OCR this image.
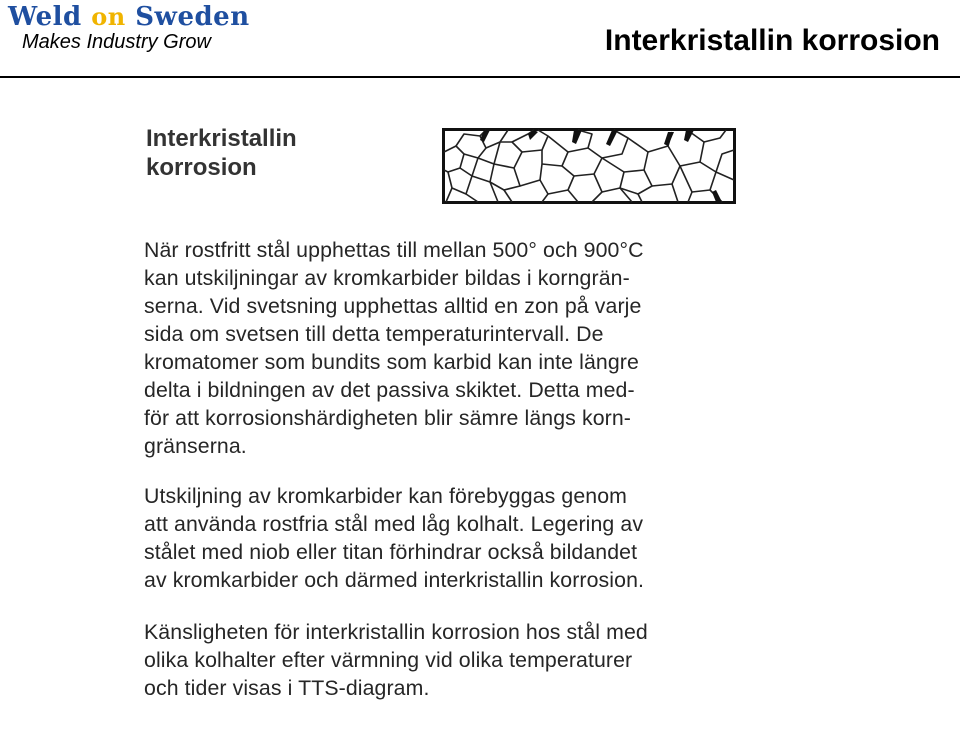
Weld on Sweden
Makes Industry Grow	Interkristallin korrosion
Interkristallin
korrosion
När rostfritt stål upphettas till mellan 500° och 900°C
kan utskiljningar av kromkarbider bildas i korngrän-
serna. Vid svetsning upphettas alltid en zon på varje
sida om svetsen till detta temperaturintervall. De
kromatomer som bundits som karbid kan inte längre
delta i bildningen av det passiva skiktet. Detta med-
för att korrosionshärdigheten blir sämre längs korn-
gränserna.
Utskiljning av kromkarbider kan förebyggas genom
att använda rostfria stål med låg kolhalt. Legering av
stålet med niob eller titan förhindrar också bildandet
av kromkarbider och därmed interkristallin korrosion.
Känsligheten för interkristallin korrosion hos stål med
olika kolhalter efter värmning vid olika temperaturer
och tider visas i TTS-diagram.
